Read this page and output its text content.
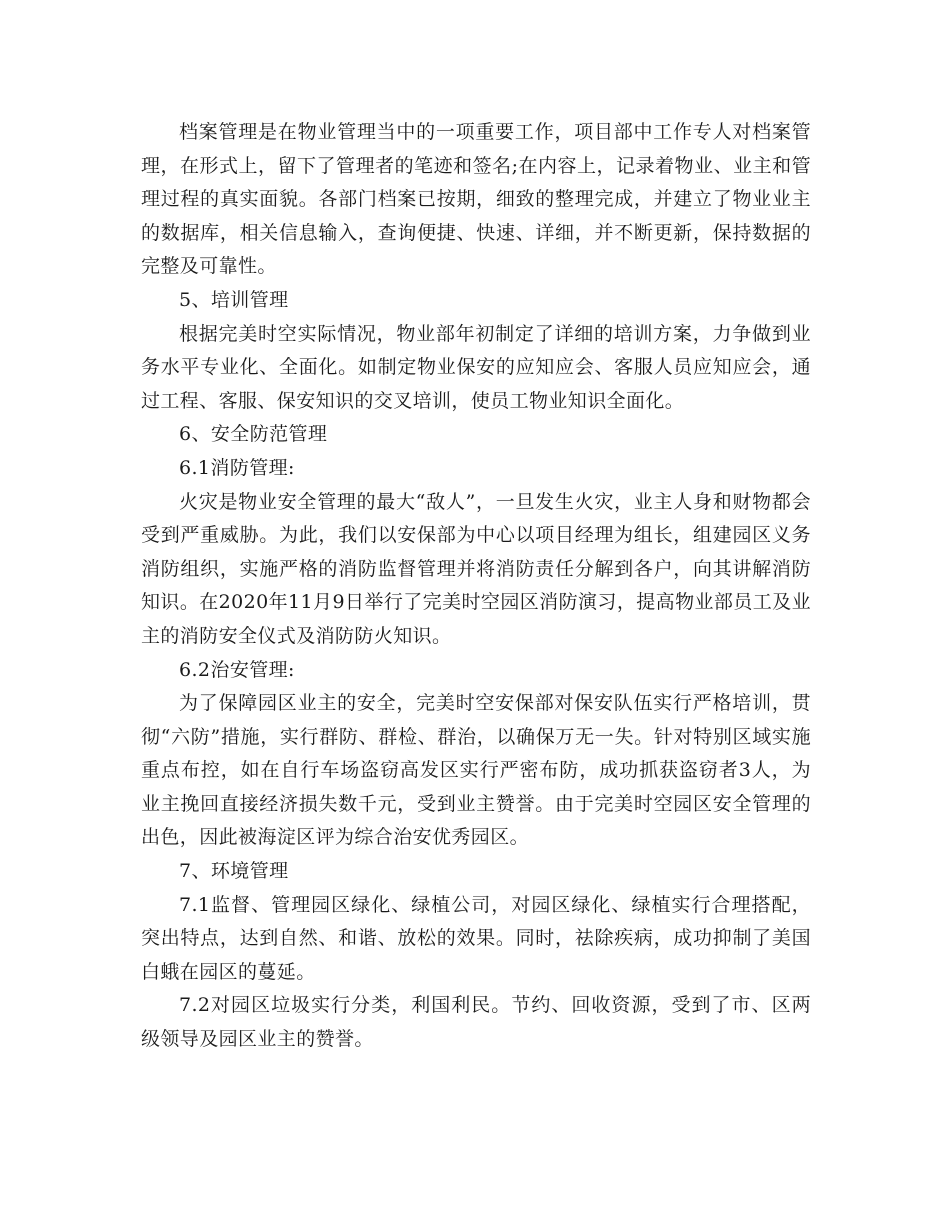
档案管理是在物业管理当中的一项重要工作，项目部中工作专人对档案管理，在形式上，留下了管理者的笔迹和签名;在内容上，记录着物业、业主和管理过程的真实面貌。各部门档案已按期，细致的整理完成，并建立了物业业主的数据库，相关信息输入，查询便捷、快速、详细，并不断更新，保持数据的完整及可靠性。

5、培训管理

根据完美时空实际情况，物业部年初制定了详细的培训方案，力争做到业务水平专业化、全面化。如制定物业保安的应知应会、客服人员应知应会，通过工程、客服、保安知识的交叉培训，使员工物业知识全面化。

6、安全防范管理

6.1消防管理:

火灾是物业安全管理的最大“敌人”，一旦发生火灾，业主人身和财物都会受到严重威胁。为此，我们以安保部为中心以项目经理为组长，组建园区义务消防组织，实施严格的消防监督管理并将消防责任分解到各户，向其讲解消防知识。在2020年11月9日举行了完美时空园区消防演习，提高物业部员工及业主的消防安全仪式及消防防火知识。

6.2治安管理:

为了保障园区业主的安全，完美时空安保部对保安队伍实行严格培训，贯彻“六防”措施，实行群防、群检、群治，以确保万无一失。针对特别区域实施重点布控，如在自行车场盗窃高发区实行严密布防，成功抓获盗窃者3人，为业主挽回直接经济损失数千元，受到业主赞誉。由于完美时空园区安全管理的出色，因此被海淀区评为综合治安优秀园区。

7、环境管理

7.1监督、管理园区绿化、绿植公司，对园区绿化、绿植实行合理搭配，突出特点，达到自然、和谐、放松的效果。同时，祛除疾病，成功抑制了美国白蛾在园区的蔓延。

7.2对园区垃圾实行分类，利国利民。节约、回收资源，受到了市、区两级领导及园区业主的赞誉。
